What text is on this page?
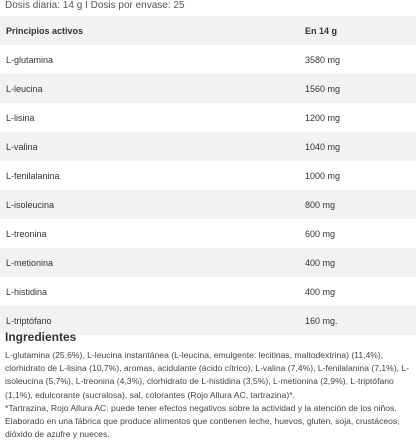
Dosis diaria: 14 g I Dosis por envase: 25
Principios activos	En 14 g
L-glutamina	3580 mg
L-leucina	1560 mg
L-lisina	1200 mg
L-valina	1040 mg
L-fenilalanina	1000 mg
L-isoleucina	800 mg
L-treonina	600 mg
L-metionina	400 mg
L-histidina	400 mg
L-triptófano	160 mg.
Ingredientes

L-glutamina (25,6%), L-leucina instantánea (L-leucina, emulgente: lecitinas, maltodextrina) (11,4%), clorhidrato de L-lisina (10,7%), aromas, acidulante (ácido cítrico), L-valina (7,4%), L-fenilalanina (7,1%), L-isoleucina (5,7%), L-treonina (4,3%), clorhidrato de L-histidina (3,5%), L-metionina (2,9%), L-triptófano (1,1%), edulcorante (sucralosa), sal, colorantes (Rojo Allura AC, tartrazina)*.

*Tartrazina, Rojo Allura AC: puede tener efectos negativos sobre la actividad y la atención de los niños.

Elaborado en una fábrica que produce alimentos que contienen leche, huevos, gluten, soja, crustáceos, dióxido de azufre y nueces.
